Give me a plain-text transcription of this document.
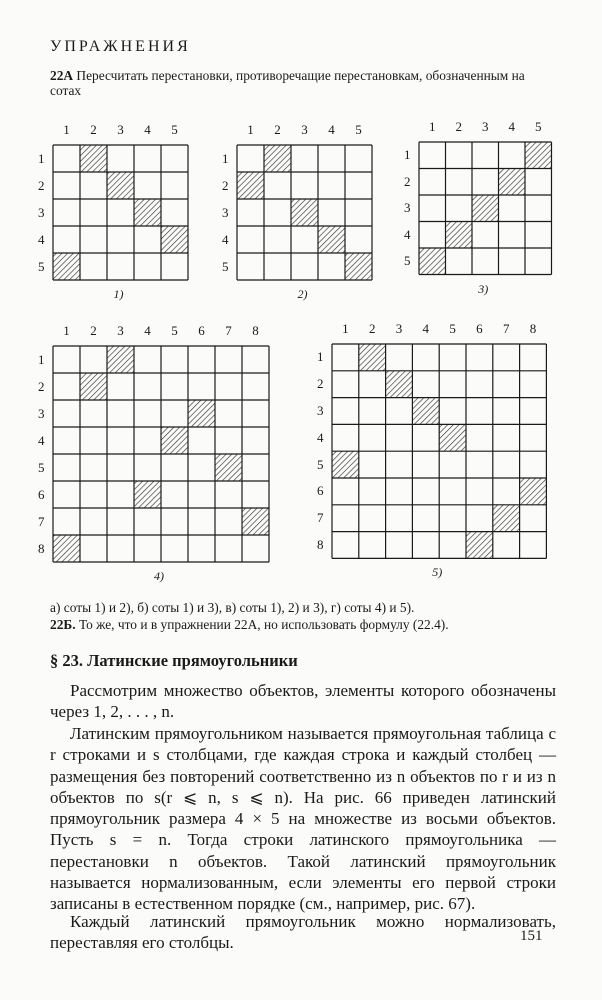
УПРАЖНЕНИЯ
22А Пересчитать перестановки, противоречащие перестановкам, обозначенным на сотах
1	2	3	4	5
1
2
3
4
5
1)
1	2	3	4	5
1
2
3
4
5
2)
1	2	3	4	5
1
2
3
4
5
3)
1	2	3	4	5	6	7	8
1
2
3
4
5
6
7
8
4)
1	2	3	4	5	6	7	8
1
2
3
4
5
6
7
8
5)
а) соты 1) и 2), б) соты 1) и 3), в) соты 1), 2) и 3), г) соты 4) и 5).
22Б. То же, что и в упражнении 22А, но использовать формулу (22.4).
§ 23. Латинские прямоугольники
Рассмотрим множество объектов, элементы которого обозначены через 1, 2, . . . , n.
Латинским прямоугольником называется прямоугольная таблица с r строками и s столбцами, где каждая строка и каждый столбец — размещения без повторений соответственно из n объектов по r и из n объектов по s(r ⩽ n, s ⩽ n). На рис. 66 приведен латинский прямоугольник размера 4 × 5 на множестве из восьми объектов. Пусть s = n. Тогда строки латинского прямоугольника — перестановки n объектов. Такой латинский прямоугольник называется нормализованным, если элементы его первой строки записаны в естественном порядке (см., например, рис. 67).
Каждый латинский прямоугольник можно нормализовать, переставляя его столбцы.	151
